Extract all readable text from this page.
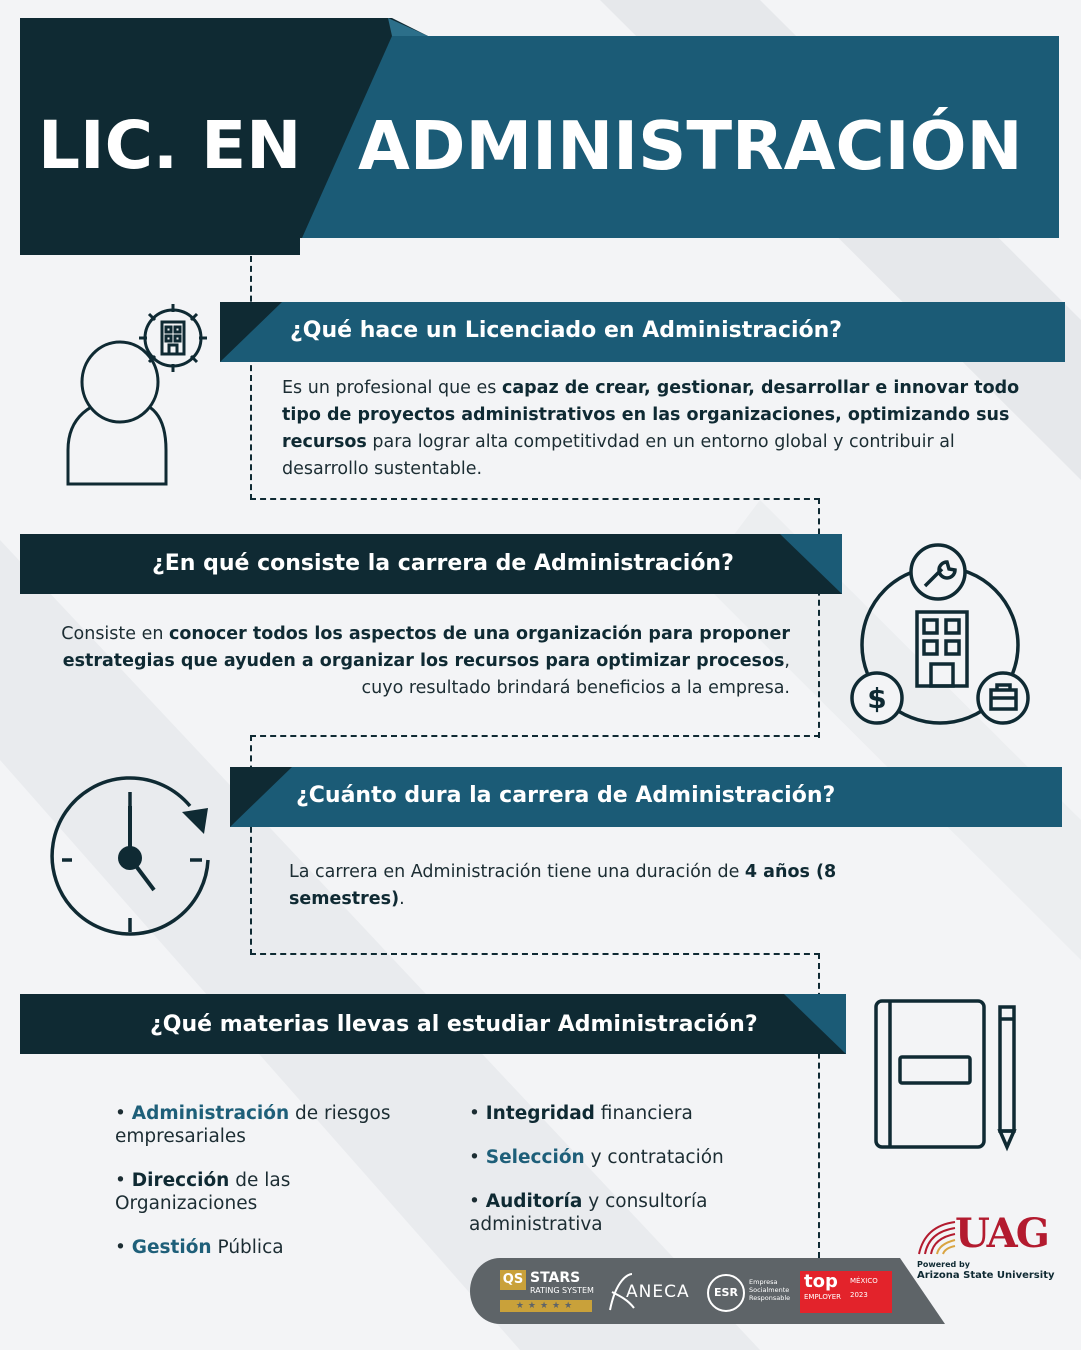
LIC. EN ADMINISTRACIÓN
¿Qué hace un Licenciado en Administración?
Es un profesional que es capaz de crear, gestionar, desarrollar e innovar todo tipo de proyectos administrativos en las organizaciones, optimizando sus recursos para lograr alta competitivdad en un entorno global y contribuir al desarrollo sustentable.
¿En qué consiste la carrera de Administración?
Consiste en conocer todos los aspectos de una organización para proponer estrategias que ayuden a organizar los recursos para optimizar procesos, cuyo resultado brindará beneficios a la empresa.	$
¿Cuánto dura la carrera de Administración?
La carrera en Administración tiene una duración de 4 años (8 semestres).
¿Qué materias llevas al estudiar Administración?

• Administración de riesgos empresariales

• Dirección de las Organizaciones

• Gestión Pública

• Integridad financiera

• Selección y contratación

• Auditoría y consultoría administrativa

QS STARS
RATING SYSTEM
★★★★★
ANECA	ESR
Empresa Socialmente Responsable
top
EMPLOYER
MÉXICO
2023
UAG
Powered by
Arizona State University
